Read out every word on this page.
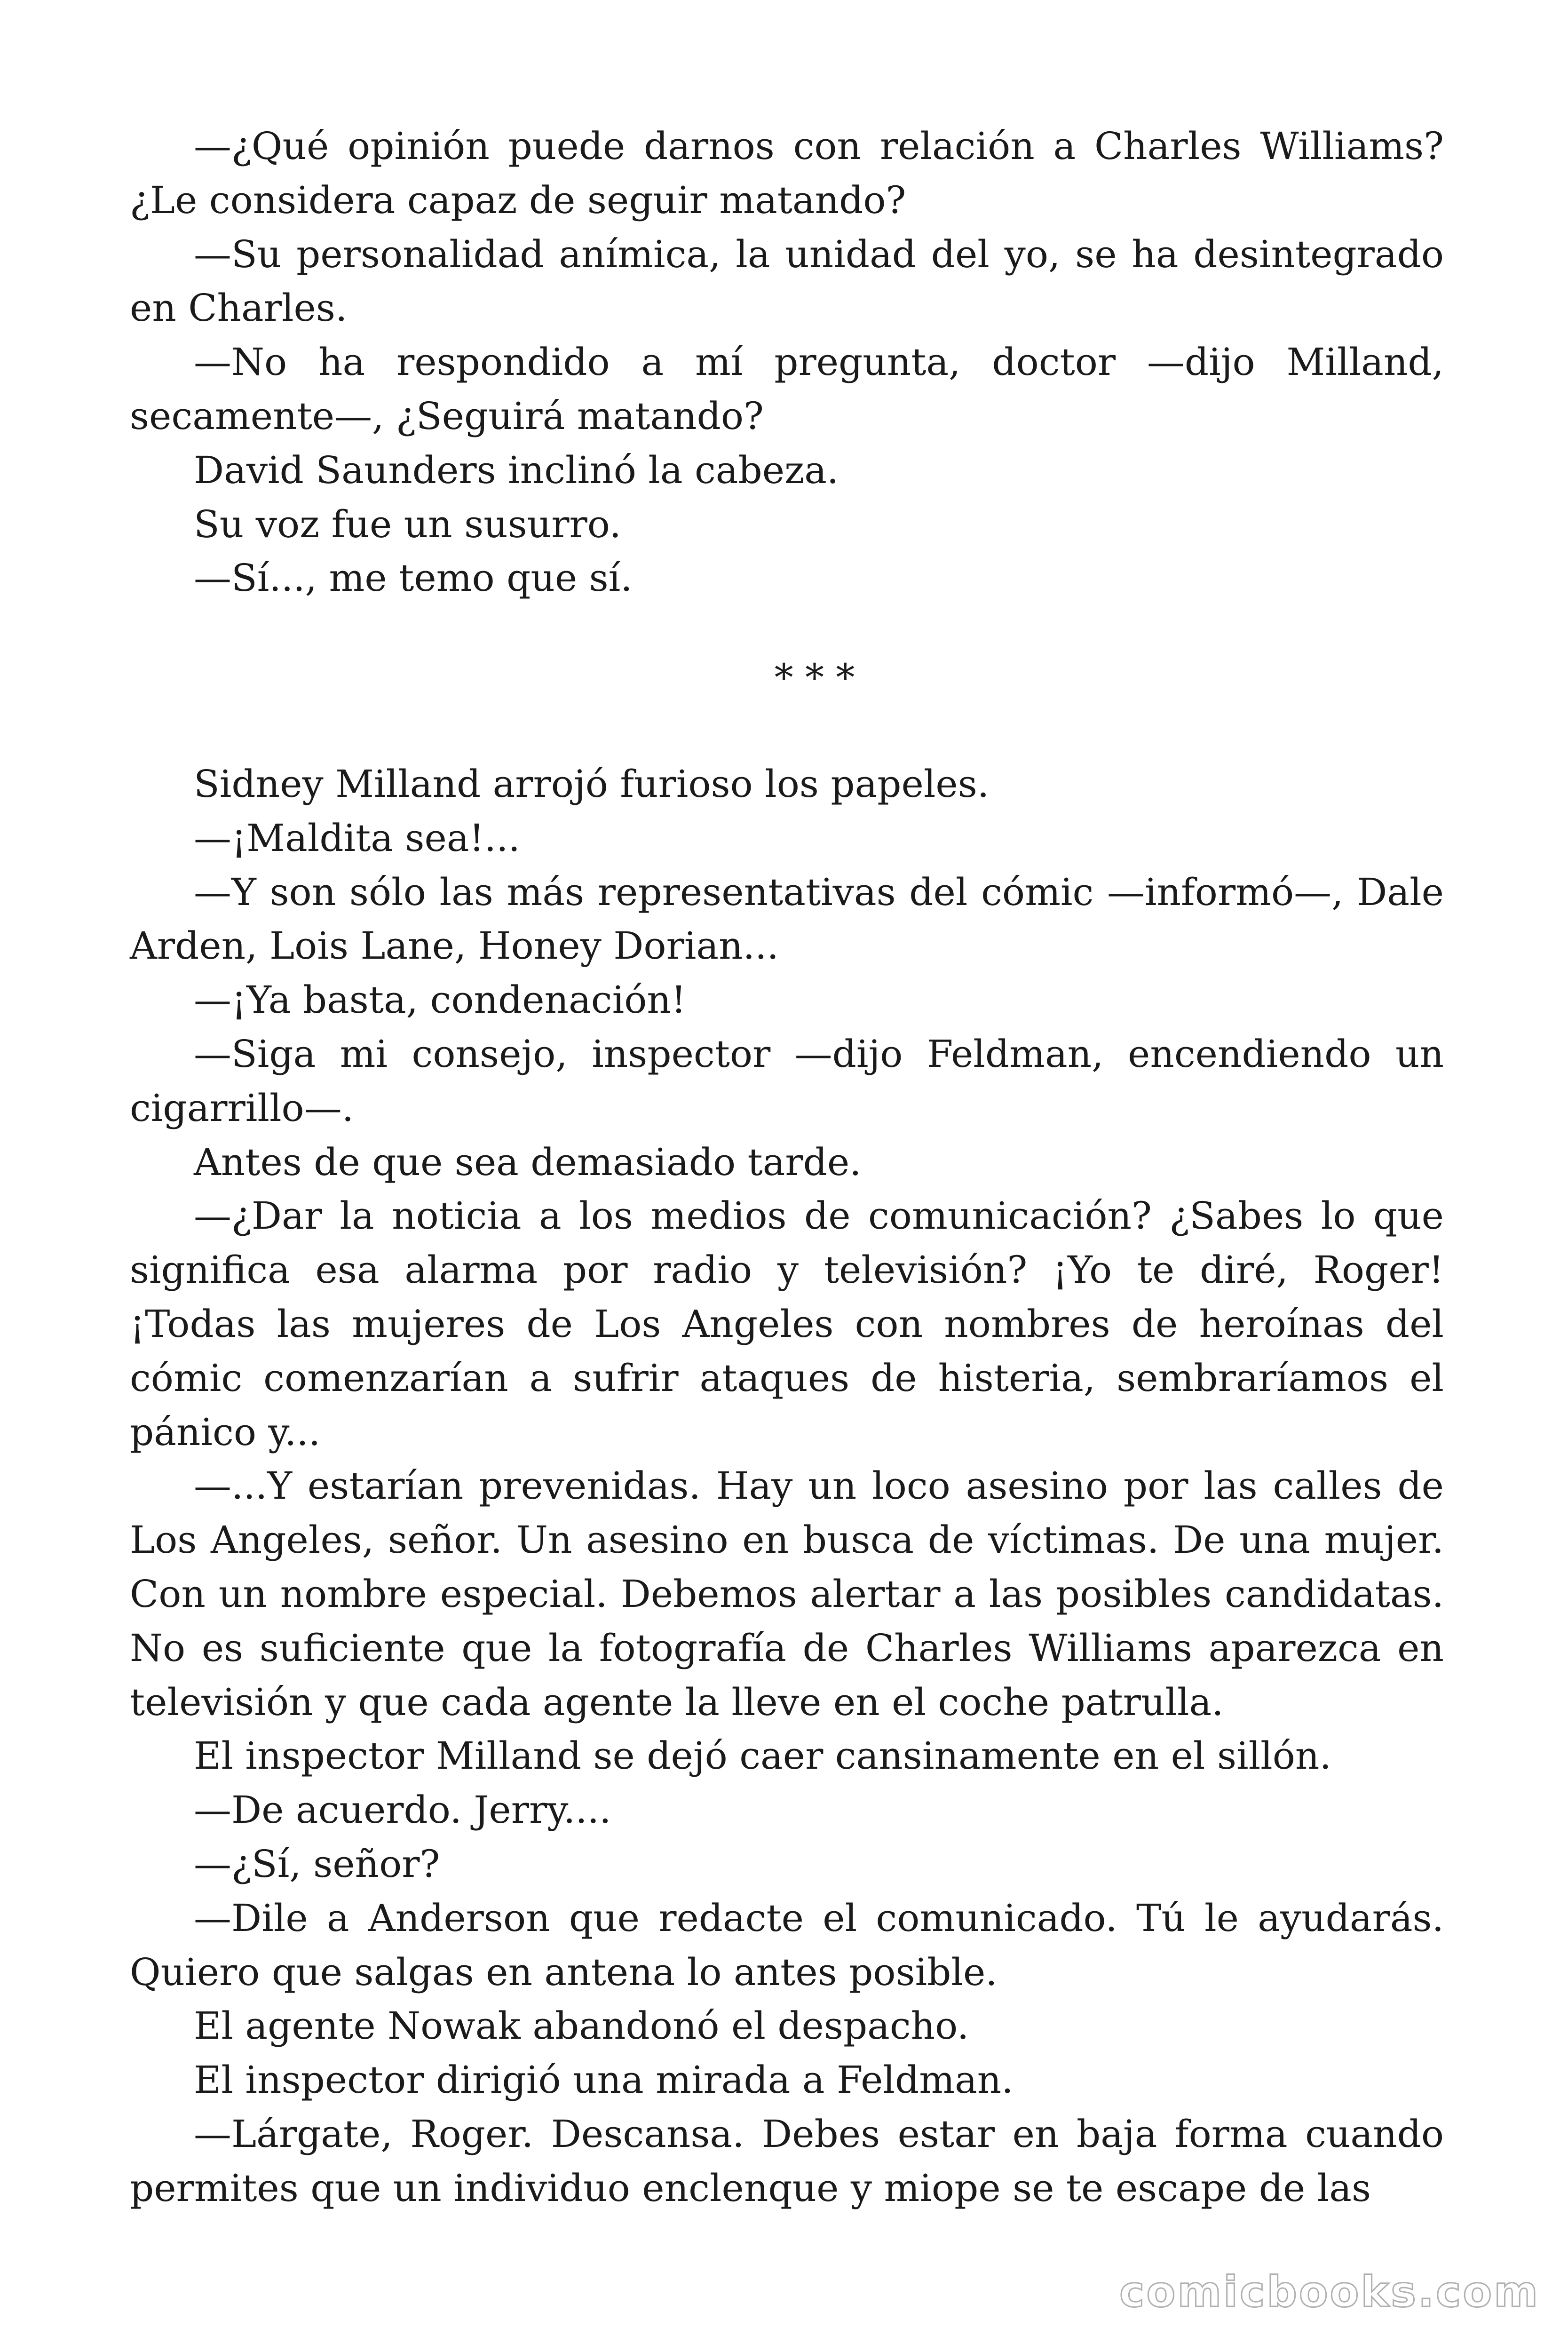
—¿Qué opinión puede darnos con relación a Charles Williams? ¿Le considera capaz de seguir matando?

—Su personalidad anímica, la unidad del yo, se ha desintegrado en Charles.

—No ha respondido a mí pregunta, doctor —dijo Milland, secamente—, ¿Seguirá matando?

David Saunders inclinó la cabeza.

Su voz fue un susurro.

—Sí..., me temo que sí.

* * *

Sidney Milland arrojó furioso los papeles.

—¡Maldita sea!...

—Y son sólo las más representativas del cómic —informó—, Dale Arden, Lois Lane, Honey Dorian...

—¡Ya basta, condenación!

—Siga mi consejo, inspector —dijo Feldman, encendiendo un cigarrillo—.

Antes de que sea demasiado tarde.

—¿Dar la noticia a los medios de comunicación? ¿Sabes lo que significa esa alarma por radio y televisión? ¡Yo te diré, Roger! ¡Todas las mujeres de Los Angeles con nombres de heroínas del cómic comenzarían a sufrir ataques de histeria, sembraríamos el pánico y...

—...Y estarían prevenidas. Hay un loco asesino por las calles de Los Angeles, señor. Un asesino en busca de víctimas. De una mujer. Con un nombre especial. Debemos alertar a las posibles candidatas. No es suficiente que la fotografía de Charles Williams aparezca en televisión y que cada agente la lleve en el coche patrulla.

El inspector Milland se dejó caer cansinamente en el sillón.

—De acuerdo. Jerry....

—¿Sí, señor?

—Dile a Anderson que redacte el comunicado. Tú le ayudarás. Quiero que salgas en antena lo antes posible.

El agente Nowak abandonó el despacho.

El inspector dirigió una mirada a Feldman.

—Lárgate, Roger. Descansa. Debes estar en baja forma cuando permites que un individuo enclenque y miope se te escape de las

comicbooks.com
